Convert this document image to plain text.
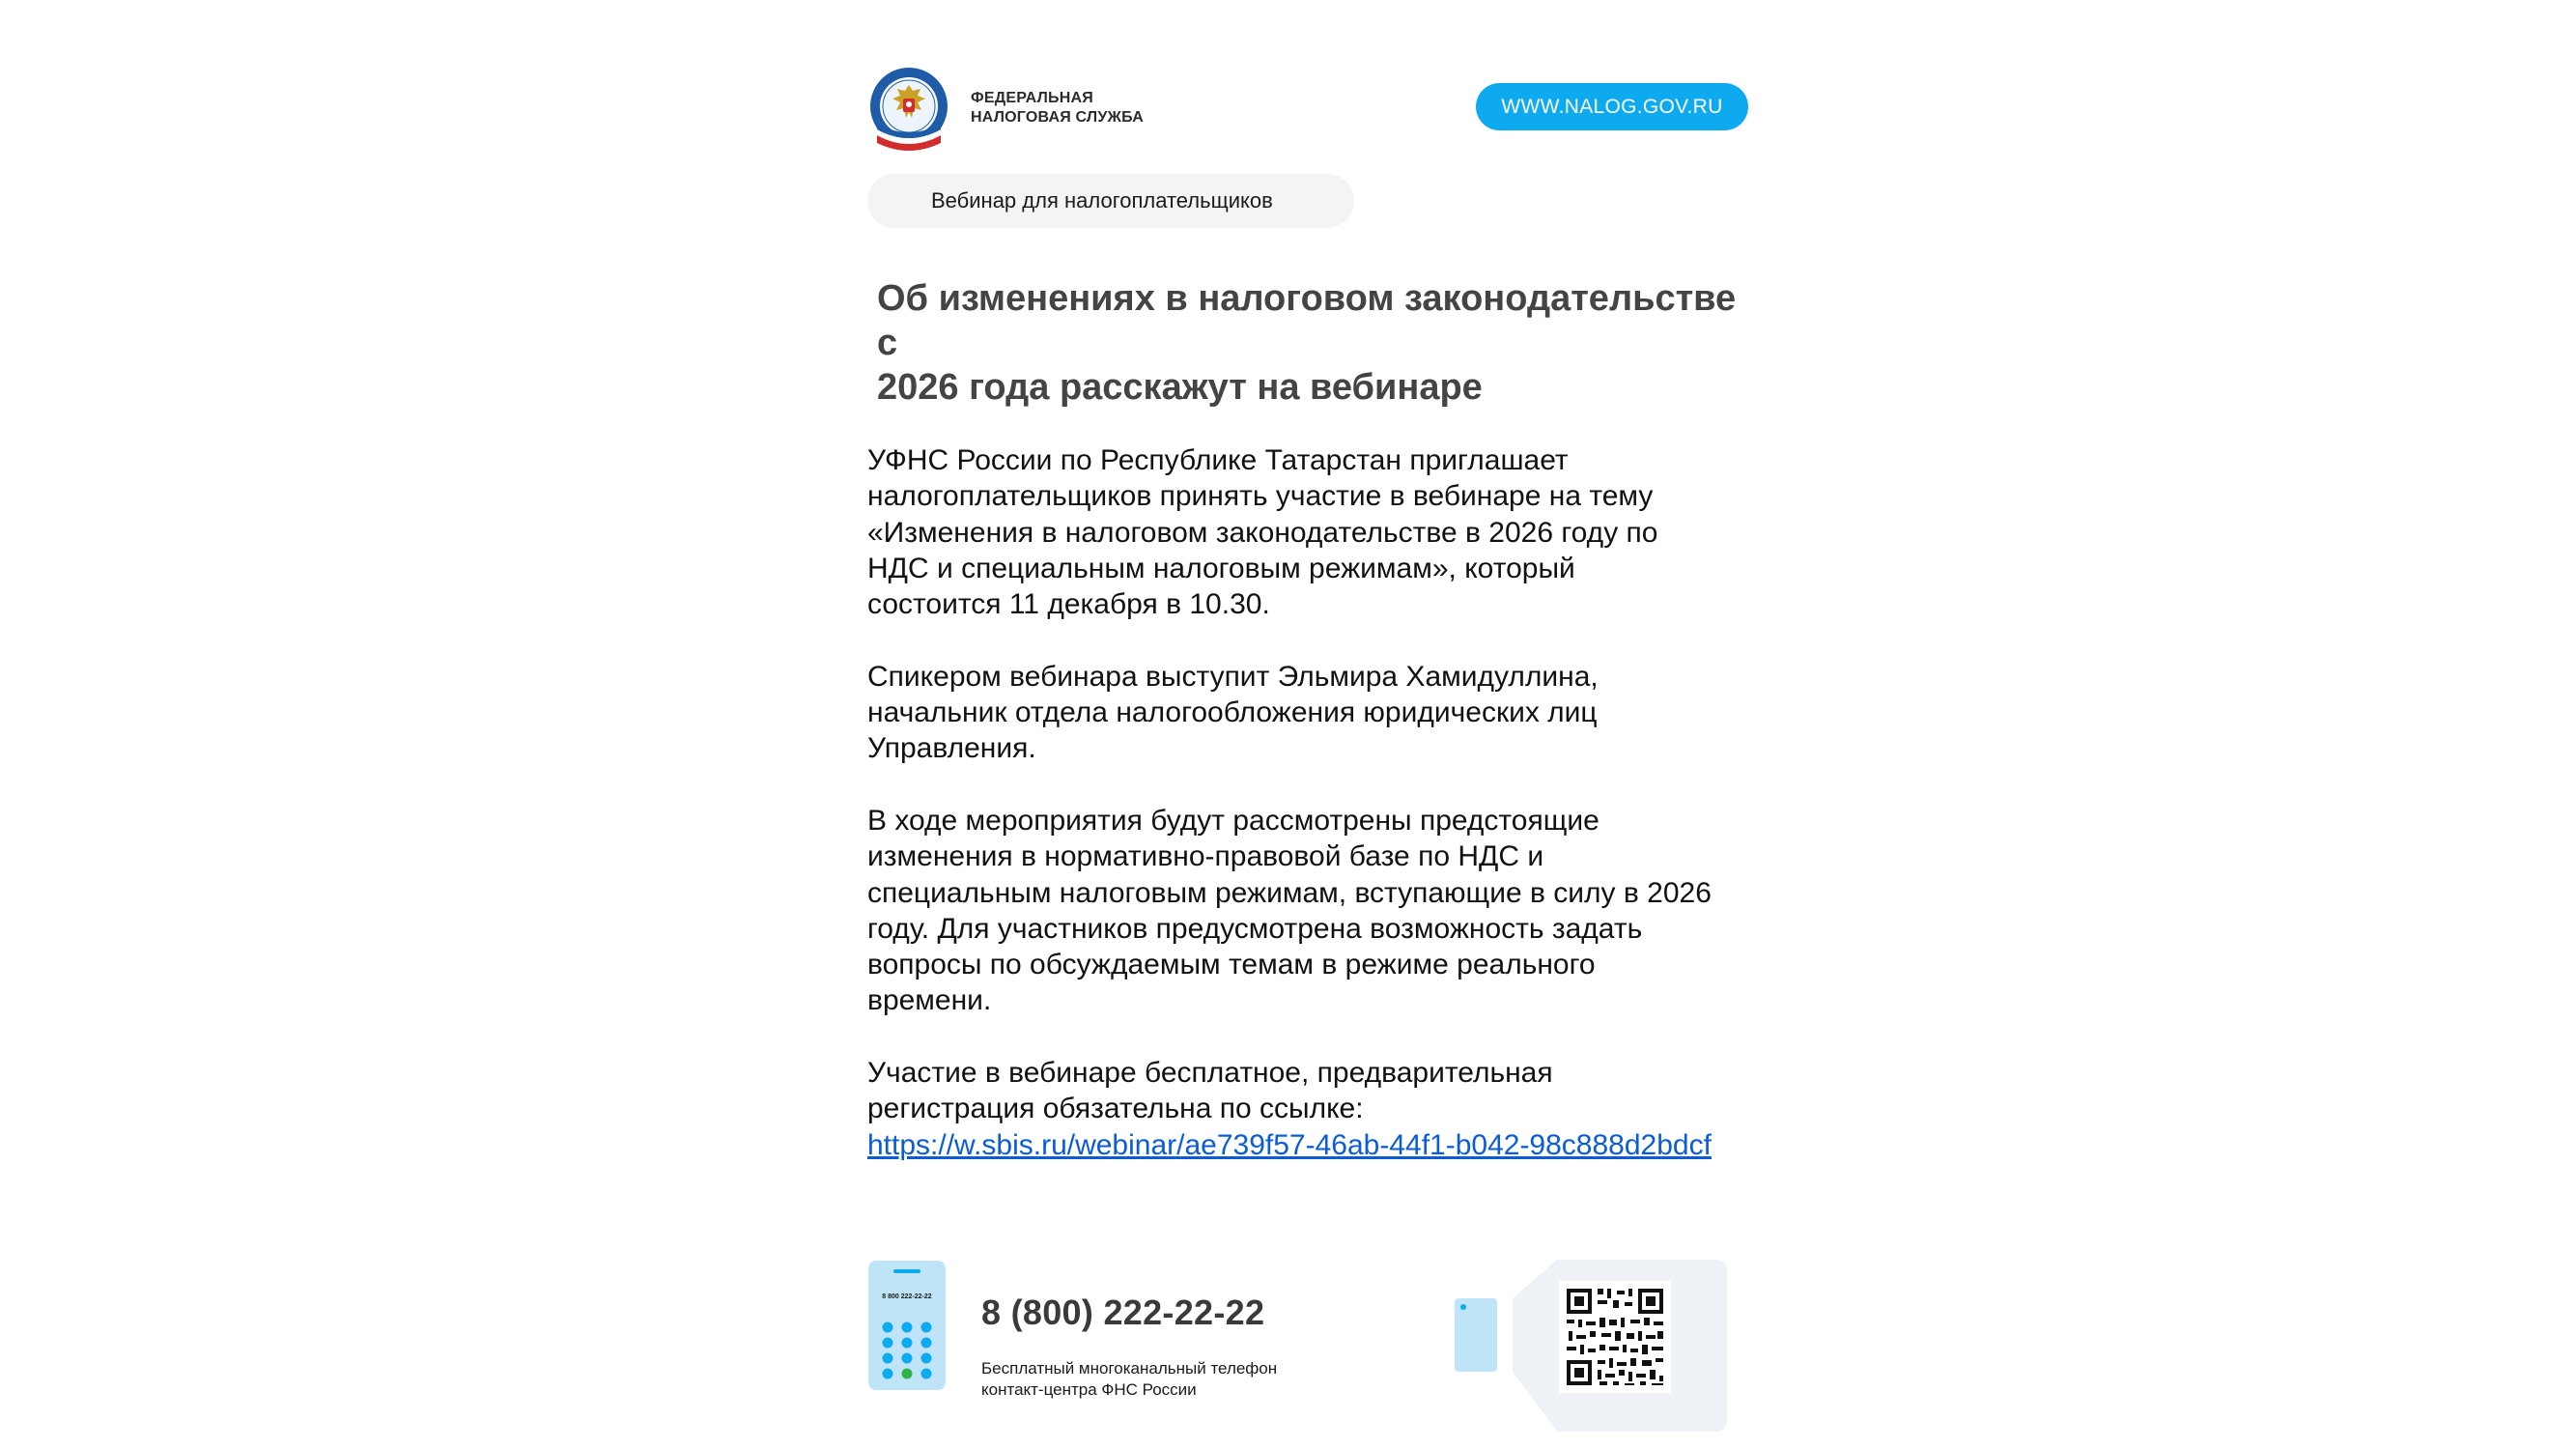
ФЕДЕРАЛЬНАЯ
НАЛОГОВАЯ СЛУЖБА	WWW.NALOG.GOV.RU
Вебинар для налогоплательщиков
Об изменениях в налоговом законодательстве с
2026 года расскажут на вебинаре
УФНС России по Республике Татарстан приглашает
налогоплательщиков принять участие в вебинаре на тему
«Изменения в налоговом законодательстве в 2026 году по
НДС и специальным налоговым режимам», который
состоится 11 декабря в 10.30.
Спикером вебинара выступит Эльмира Хамидуллина,
начальник отдела налогообложения юридических лиц
Управления.
В ходе мероприятия будут рассмотрены предстоящие
изменения в нормативно-правовой базе по НДС и
специальным налоговым режимам, вступающие в силу в 2026
году. Для участников предусмотрена возможность задать
вопросы по обсуждаемым темам в режиме реального
времени.
Участие в вебинаре бесплатное, предварительная
регистрация обязательна по ссылке:
https://w.sbis.ru/webinar/ae739f57-46ab-44f1-b042-98c888d2bdcf
8 800 222-22-22 8 (800) 222-22-22
Бесплатный многоканальный телефон
контакт-центра ФНС России
